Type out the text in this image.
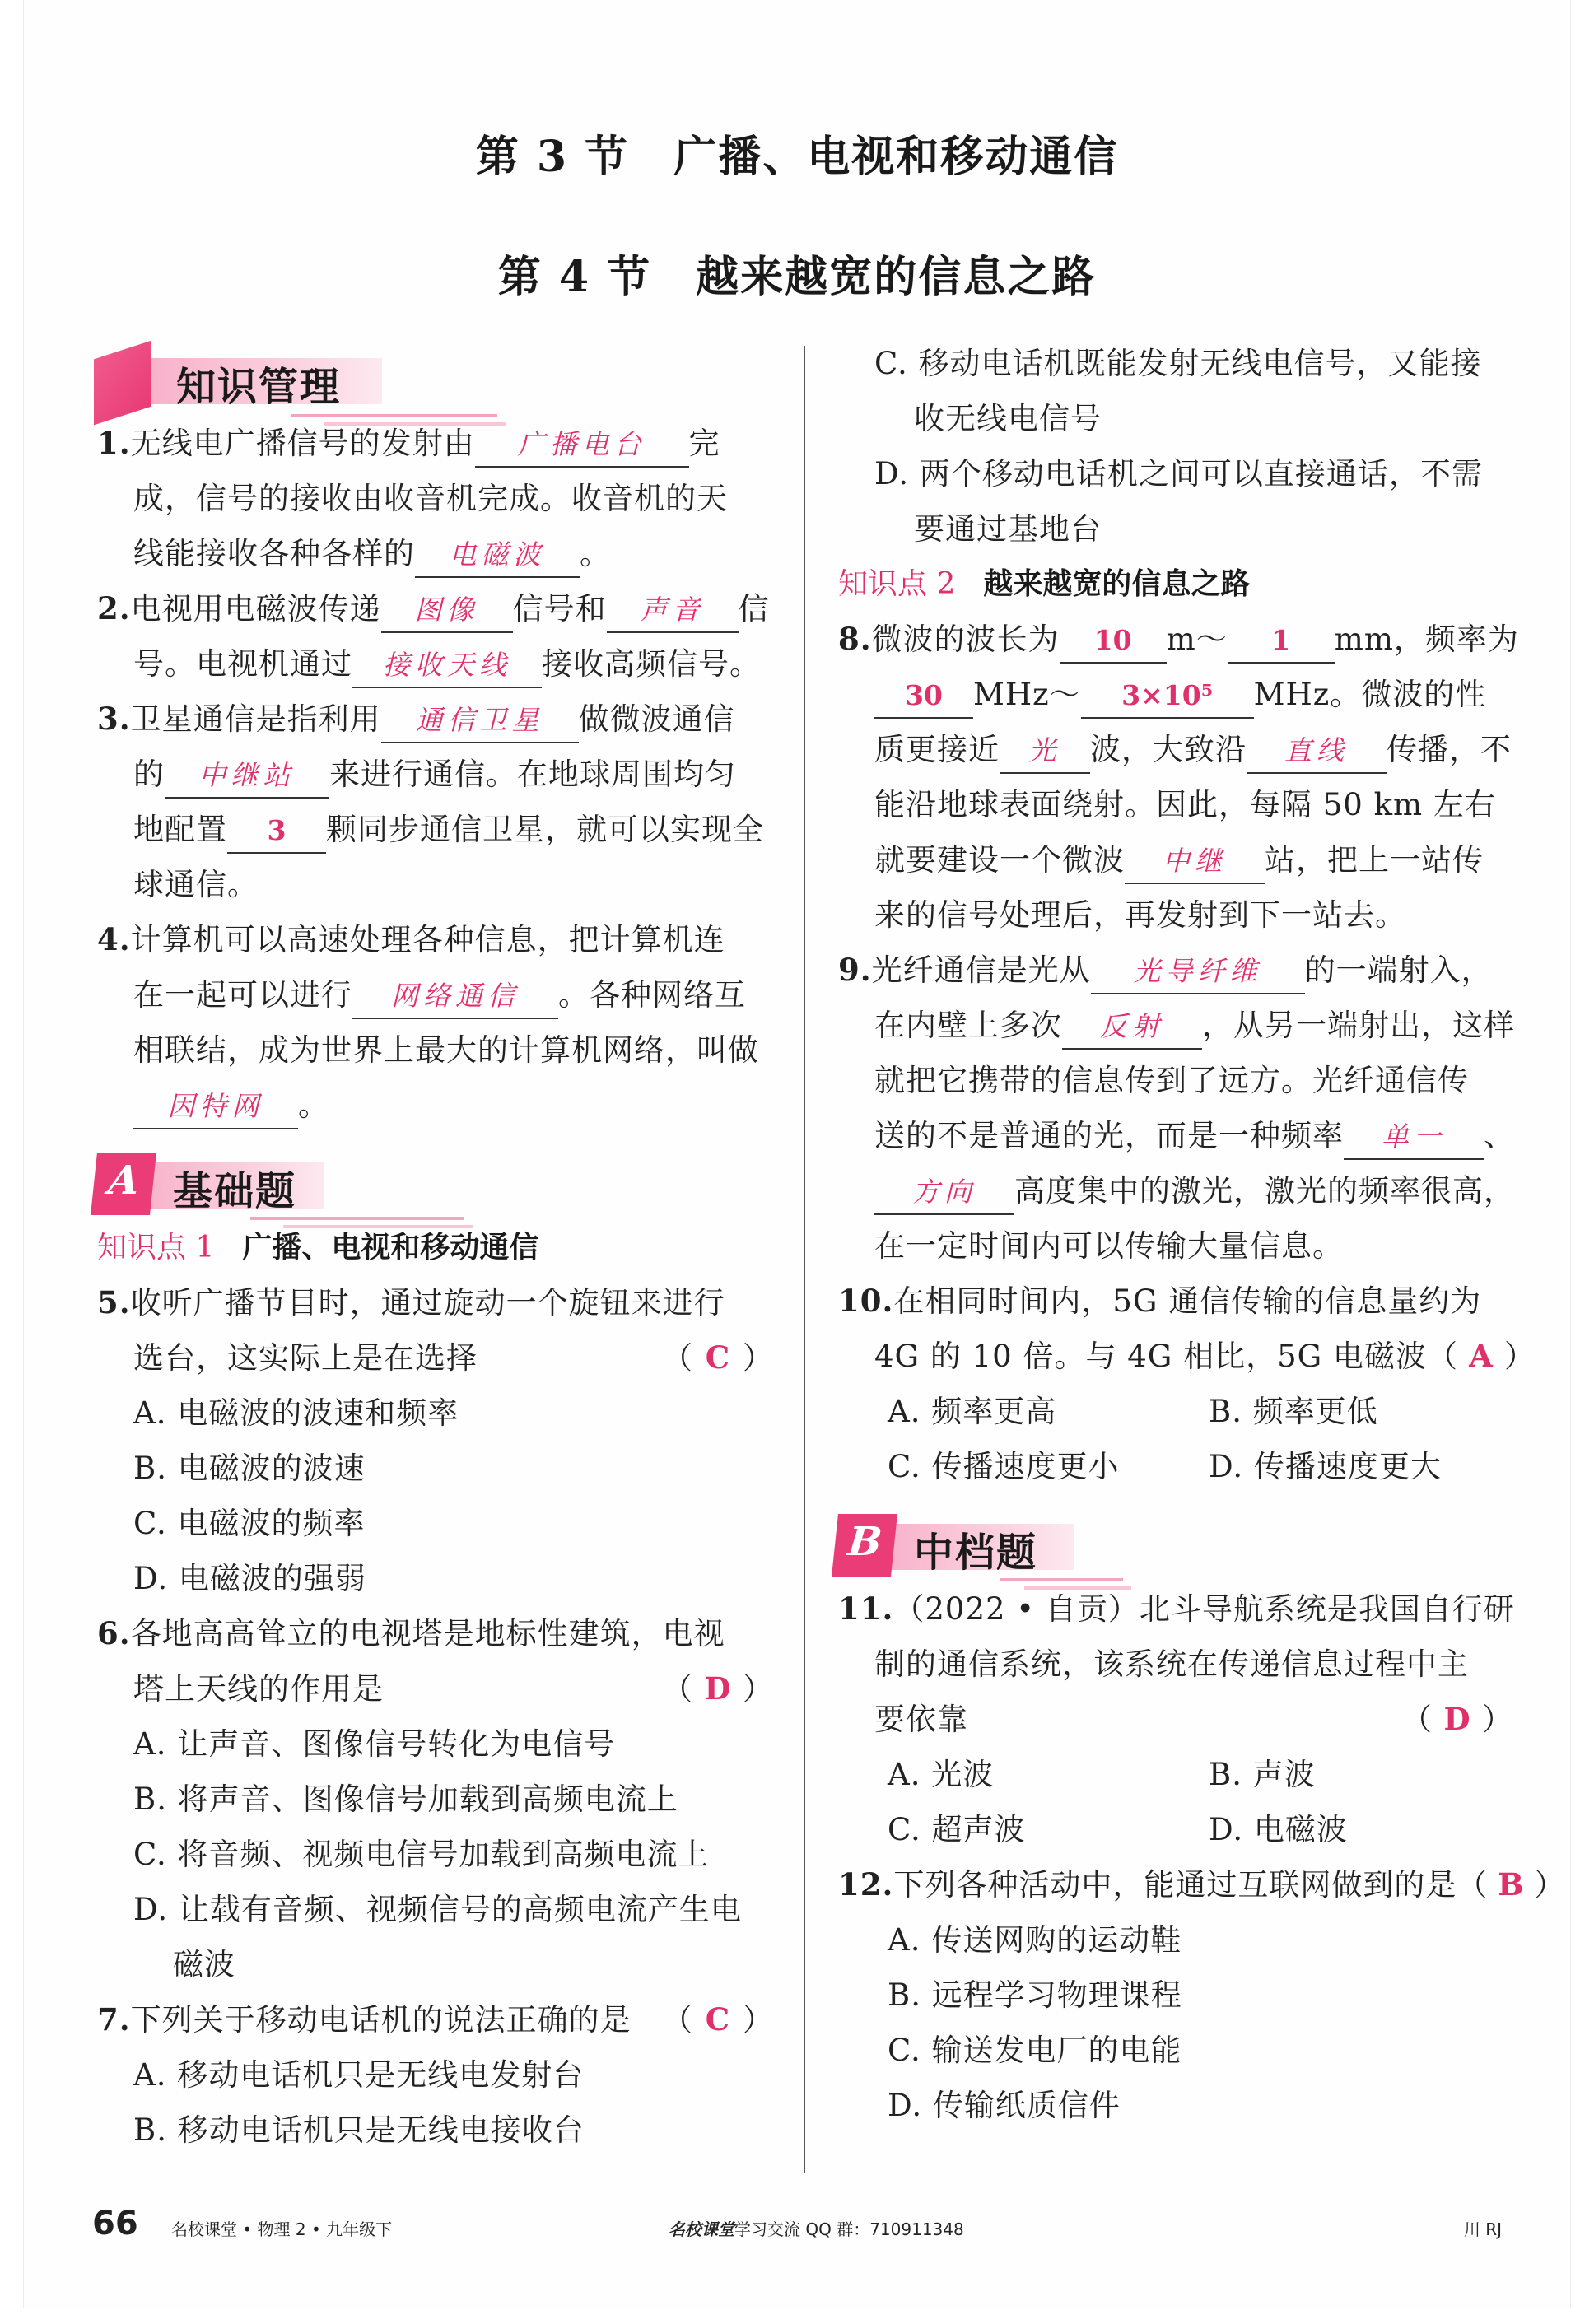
第 3 节 广播、电视和移动通信
第 4 节 越来越宽的信息之路
知识管理
1.无线电广播信号的发射由 广播电台 完
成，信号的接收由收音机完成。收音机的天
线能接收各种各样的 电磁波 。
2.电视用电磁波传递 图像 信号和 声音 信
号。电视机通过 接收天线 接收高频信号。
3.卫星通信是指利用 通信卫星 做微波通信
的 中继站 来进行通信。在地球周围均匀
地配置 3 颗同步通信卫星，就可以实现全
球通信。
4.计算机可以高速处理各种信息，把计算机连
在一起可以进行 网络通信 。各种网络互
相联结，成为世界上最大的计算机网络，叫做
因特网 。
A 基础题
知识点 1 广播、电视和移动通信
5.收听广播节目时，通过旋动一个旋钮来进行
选台，这实际上是在选择	（ C ）
A. 电磁波的波速和频率
B. 电磁波的波速
C. 电磁波的频率
D. 电磁波的强弱
6.各地高高耸立的电视塔是地标性建筑，电视
塔上天线的作用是	（ D ）
A. 让声音、图像信号转化为电信号
B. 将声音、图像信号加载到高频电流上
C. 将音频、视频电信号加载到高频电流上
D. 让载有音频、视频信号的高频电流产生电
磁波
7.下列关于移动电话机的说法正确的是 （ C ）
A. 移动电话机只是无线电发射台
B. 移动电话机只是无线电接收台
C. 移动电话机既能发射无线电信号，又能接
收无线电信号
D. 两个移动电话机之间可以直接通话，不需
要通过基地台
知识点 2 越来越宽的信息之路
8.微波的波长为 10 m～ 1 mm，频率为
30 MHz～ 3×10⁵ MHz。微波的性
质更接近 光 波，大致沿 直线 传播，不
能沿地球表面绕射。因此，每隔 50 km 左右
就要建设一个微波 中继 站，把上一站传
来的信号处理后，再发射到下一站去。
9.光纤通信是光从 光导纤维 的一端射入，
在内壁上多次 反射 ，从另一端射出，这样
就把它携带的信息传到了远方。光纤通信传
送的不是普通的光，而是一种频率 单一 、
方向 高度集中的激光，激光的频率很高，
在一定时间内可以传输大量信息。
10.在相同时间内，5G 通信传输的信息量约为
4G 的 10 倍。与 4G 相比，5G 电磁波（ A ）
A. 频率更高	B. 频率更低
C. 传播速度更小	D. 传播速度更大
B 中档题
11.（2022 • 自贡）北斗导航系统是我国自行研
制的通信系统，该系统在传递信息过程中主
要依靠	（ D ）
A. 光波	B. 声波
C. 超声波	D. 电磁波
12.下列各种活动中，能通过互联网做到的是（ B ）
A. 传送网购的运动鞋
B. 远程学习物理课程
C. 输送发电厂的电能
D. 传输纸质信件
66 名校课堂 • 物理 2 • 九年级下	名校课堂学习交流 QQ 群：710911348	川 RJ
